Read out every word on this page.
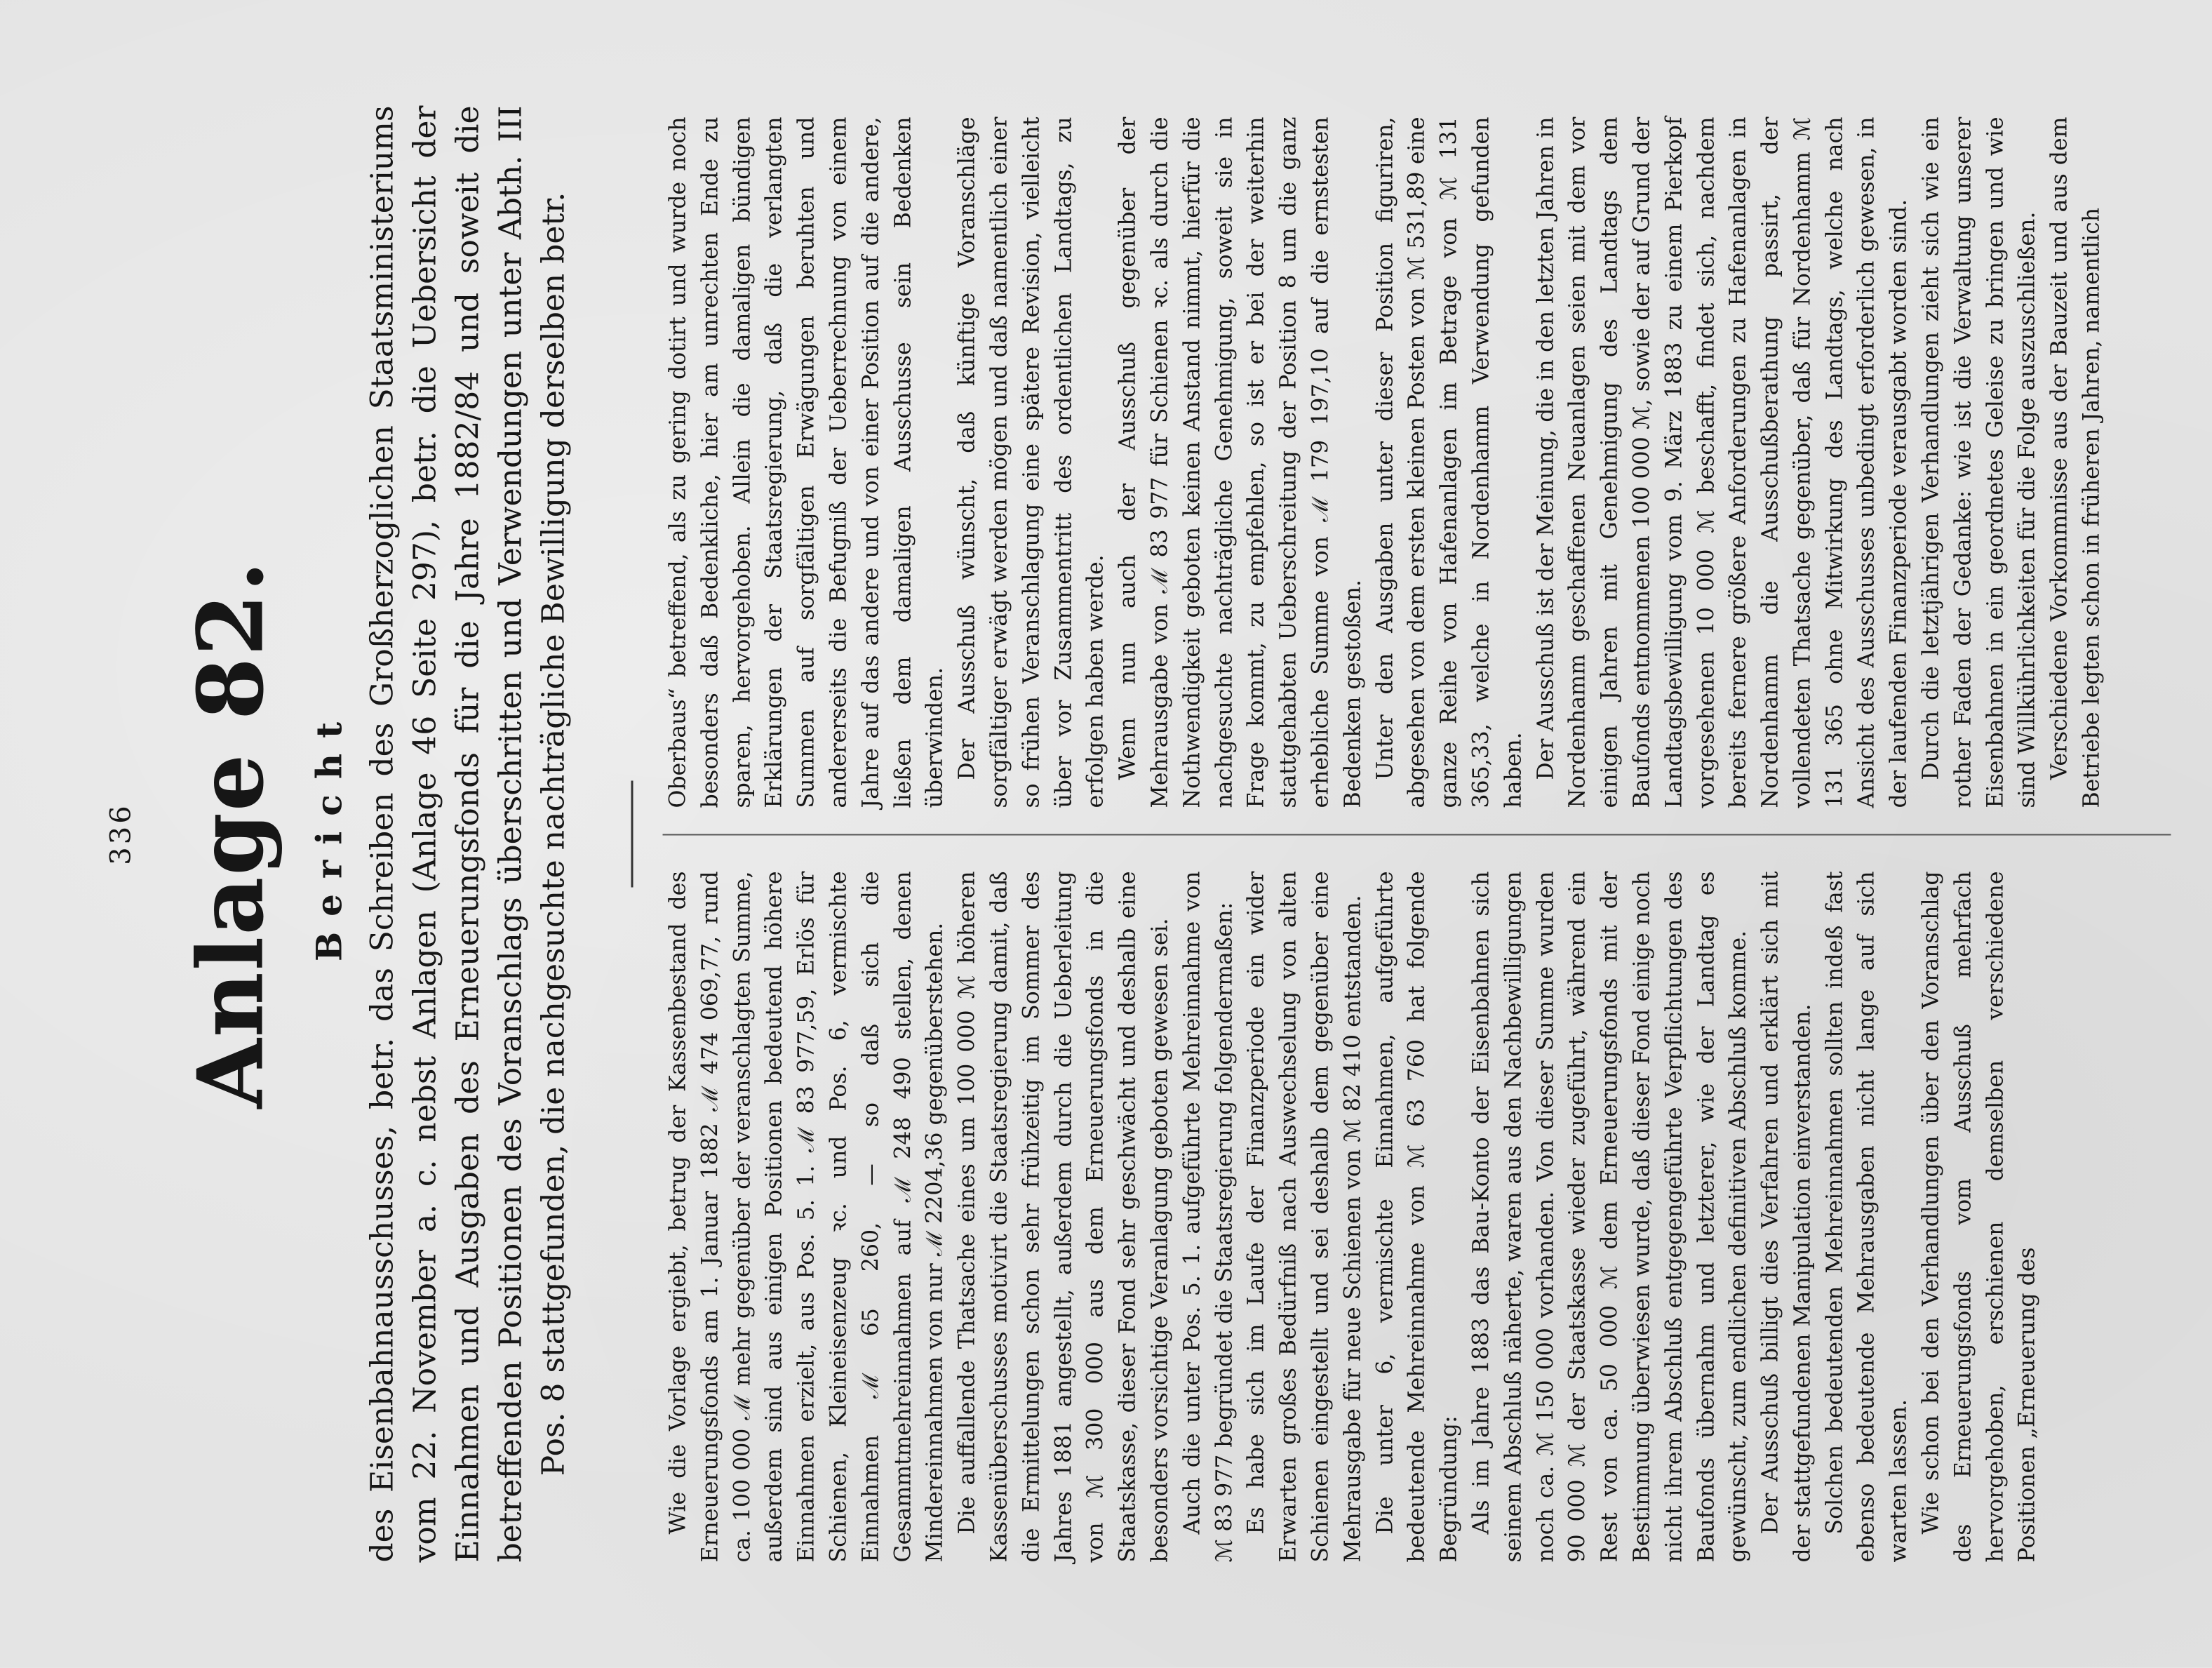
336 Anlage 82. Bericht des Eisenbahnausschusses, betr. das Schreiben des Großherzoglichen Staatsministeriums vom 22. November a. c. nebst Anlagen (Anlage 46 Seite 297), betr. die Uebersicht der Einnahmen und Ausgaben des Erneuerungsfonds für die Jahre 1882/84 und soweit die betreffenden Positionen des Voranschlags überschritten und Verwendungen unter Abth. III Pos. 8 stattgefunden, die nachgesuchte nachträgliche Bewilligung derselben betr.	Wie die Vorlage ergiebt, betrug der Kassenbestand des Erneuerungsfonds am 1. Januar 1882 ℳ 474 069,77, rund ca. 100 000 ℳ mehr gegenüber der veranschlagten Summe, außerdem sind aus einigen Positionen bedeutend höhere Einnahmen erzielt, aus Pos. 5. 1. ℳ 83 977,59, Erlös für Schienen, Kleineisenzeug ꝛc. und Pos. 6, vermischte Einnahmen ℳ 65 260, — so daß sich die Gesammtmehreinnahmen auf ℳ 248 490 stellen, denen Mindereinnahmen von nur ℳ 2204,36 gegenüberstehen. Die auffallende Thatsache eines um 100 000 ℳ höheren Kassenüberschusses motivirt die Staatsregierung damit, daß die Ermittelungen schon sehr frühzeitig im Sommer des Jahres 1881 angestellt, außerdem durch die Ueberleitung von ℳ 300 000 aus dem Erneuerungsfonds in die Staatskasse, dieser Fond sehr geschwächt und deshalb eine besonders vorsichtige Veranlagung geboten gewesen sei. Auch die unter Pos. 5. 1. aufgeführte Mehreinnahme von ℳ 83 977 begründet die Staatsregierung folgendermaßen: Es habe sich im Laufe der Finanzperiode ein wider Erwarten großes Bedürfniß nach Auswechselung von alten Schienen eingestellt und sei deshalb dem gegenüber eine Mehrausgabe für neue Schienen von ℳ 82 410 entstanden. Die unter 6, vermischte Einnahmen, aufgeführte bedeutende Mehreinnahme von ℳ 63 760 hat folgende Begründung: Als im Jahre 1883 das Bau-Konto der Eisenbahnen sich seinem Abschluß näherte, waren aus den Nachbewilligungen noch ca. ℳ 150 000 vorhanden. Von dieser Summe wurden 90 000 ℳ der Staatskasse wieder zugeführt, während ein Rest von ca. 50 000 ℳ dem Erneuerungsfonds mit der Bestimmung überwiesen wurde, daß dieser Fond einige noch nicht ihrem Abschluß entgegengeführte Verpflichtungen des Baufonds übernahm und letzterer, wie der Landtag es gewünscht, zum endlichen definitiven Abschluß komme. Der Ausschuß billigt dies Verfahren und erklärt sich mit der stattgefundenen Manipulation einverstanden. Solchen bedeutenden Mehreinnahmen sollten indeß fast ebenso bedeutende Mehrausgaben nicht lange auf sich warten lassen. Wie schon bei den Verhandlungen über den Voranschlag des Erneuerungsfonds vom Ausschuß mehrfach hervorgehoben, erschienen demselben verschiedene Positionen „Erneuerung des

Oberbaus“ betreffend, als zu gering dotirt und wurde noch besonders daß Bedenkliche, hier am unrechten Ende zu sparen, hervorgehoben. Allein die damaligen bündigen Erklärungen der Staatsregierung, daß die verlangten Summen auf sorgfältigen Erwägungen beruhten und andererseits die Befugniß der Ueberrechnung von einem Jahre auf das andere und von einer Position auf die andere, ließen dem damaligen Ausschusse sein Bedenken überwinden. Der Ausschuß wünscht, daß künftige Voranschläge sorgfältiger erwägt werden mögen und daß namentlich einer so frühen Veranschlagung eine spätere Revision, vielleicht über vor Zusammentritt des ordentlichen Landtags, zu erfolgen haben werde. Wenn nun auch der Ausschuß gegenüber der Mehrausgabe von ℳ 83 977 für Schienen ꝛc. als durch die Nothwendigkeit geboten keinen Anstand nimmt, hierfür die nachgesuchte nachträgliche Genehmigung, soweit sie in Frage kommt, zu empfehlen, so ist er bei der weiterhin stattgehabten Ueberschreitung der Position 8 um die ganz erhebliche Summe von ℳ 179 197,10 auf die ernstesten Bedenken gestoßen. Unter den Ausgaben unter dieser Position figuriren, abgesehen von dem ersten kleinen Posten von ℳ 531,89 eine ganze Reihe von Hafenanlagen im Betrage von ℳ 131 365,33, welche in Nordenhamm Verwendung gefunden haben. Der Ausschuß ist der Meinung, die in den letzten Jahren in Nordenhamm geschaffenen Neuanlagen seien mit dem vor einigen Jahren mit Genehmigung des Landtags dem Baufonds entnommenen 100 000 ℳ, sowie der auf Grund der Landtagsbewilligung vom 9. März 1883 zu einem Pierkopf vorgesehenen 10 000 ℳ beschafft, findet sich, nachdem bereits fernere größere Anforderungen zu Hafenanlagen in Nordenhamm die Ausschußberathung passirt, der vollendeten Thatsache gegenüber, daß für Nordenhamm ℳ 131 365 ohne Mitwirkung des Landtags, welche nach Ansicht des Ausschusses unbedingt erforderlich gewesen, in der laufenden Finanzperiode verausgabt worden sind. Durch die letztjährigen Verhandlungen zieht sich wie ein rother Faden der Gedanke: wie ist die Verwaltung unserer Eisenbahnen in ein geordnetes Geleise zu bringen und wie sind Willkührlichkeiten für die Folge auszuschließen. Verschiedene Vorkommnisse aus der Bauzeit und aus dem Betriebe legten schon in früheren Jahren, namentlich
